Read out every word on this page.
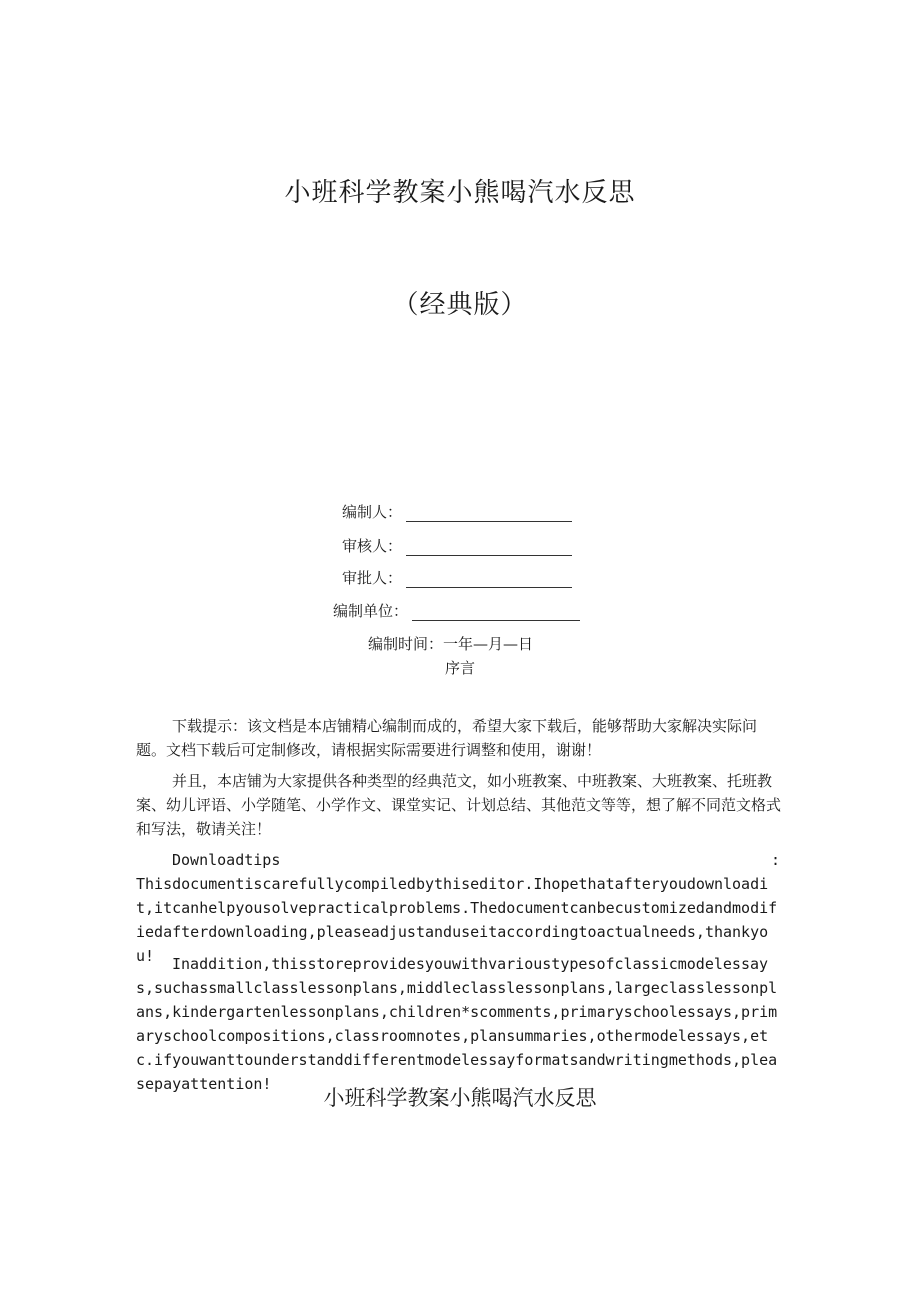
小班科学教案小熊喝汽水反思
（经典版）
编制人：
审核人：
审批人：
编制单位：
编制时间：一年—月—日
序言

下载提示：该文档是本店铺精心编制而成的，希望大家下载后，能够帮助大家解决实际问题。文档下载后可定制修改，请根据实际需要进行调整和使用，谢谢！

并且，本店铺为大家提供各种类型的经典范文，如小班教案、中班教案、大班教案、托班教案、幼儿评语、小学随笔、小学作文、课堂实记、计划总结、其他范文等等，想了解不同范文格式和写法，敬请关注！

Downloadtips	:
Thisdocumentiscarefullycompiledbythiseditor.Ihopethatafteryoudownloadit,itcanhelpyousolvepracticalproblems.Thedocumentcanbecustomizedandmodifiedafterdownloading,pleaseadjustanduseitaccordingtoactualneeds,thankyou!	Inaddition,thisstoreprovidesyouwithvarioustypesofclassicmodelessays,suchassmallclasslessonplans,middleclasslessonplans,largeclasslessonplans,kindergartenlessonplans,children*scomments,primaryschoolessays,primaryschoolcompositions,classroomnotes,plansummaries,othermodelessays,etc.ifyouwanttounderstanddifferentmodelessayformatsandwritingmethods,pleasepayattention!

小班科学教案小熊喝汽水反思
